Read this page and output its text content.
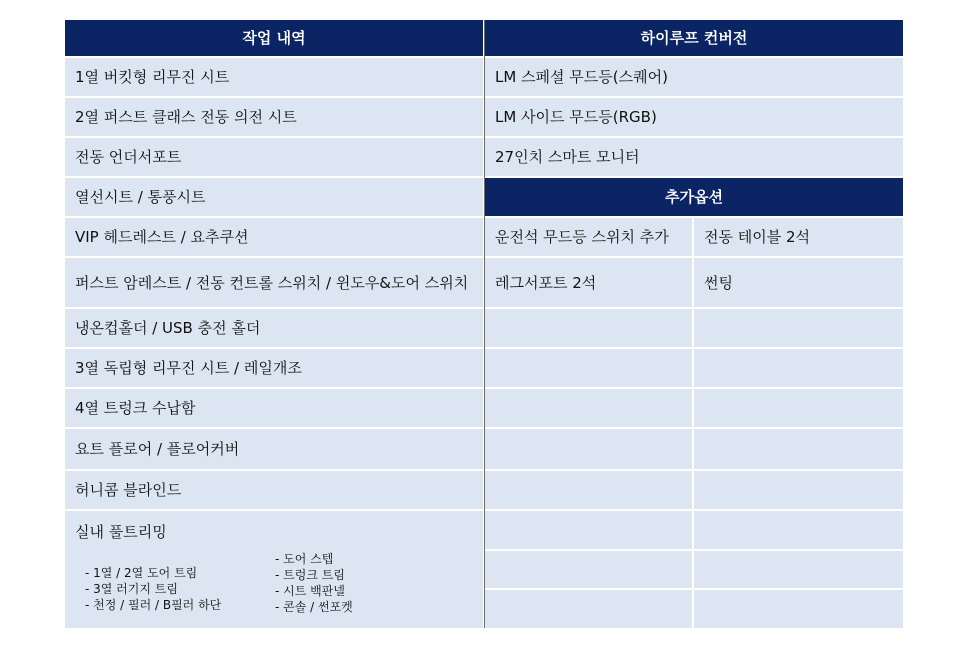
작업 내역
1열 버킷형 리무진 시트
2열 퍼스트 클래스 전동 의전 시트
전동 언더서포트
열선시트 / 통풍시트
VIP 헤드레스트 / 요추쿠션
퍼스트 암레스트 / 전동 컨트롤 스위치 / 윈도우&도어 스위치
냉온컵홀더 / USB 충전 홀더
3열 독립형 리무진 시트 / 레일개조
4열 트렁크 수납함
요트 플로어 / 플로어커버
허니콤 블라인드
실내 풀트리밍
- 1열 / 2열 도어 트림
- 3열 러기지 트림
- 천정 / 필러 / B필러 하단
- 도어 스텝
- 트렁크 트림
- 시트 백판넬
- 콘솔 / 썬포켓
하이루프 컨버전
LM 스페셜 무드등(스퀘어)
LM 사이드 무드등(RGB)
27인치 스마트 모니터
추가옵션
운전석 무드등 스위치 추가	전동 테이블 2석
레그서포트 2석	썬팅
